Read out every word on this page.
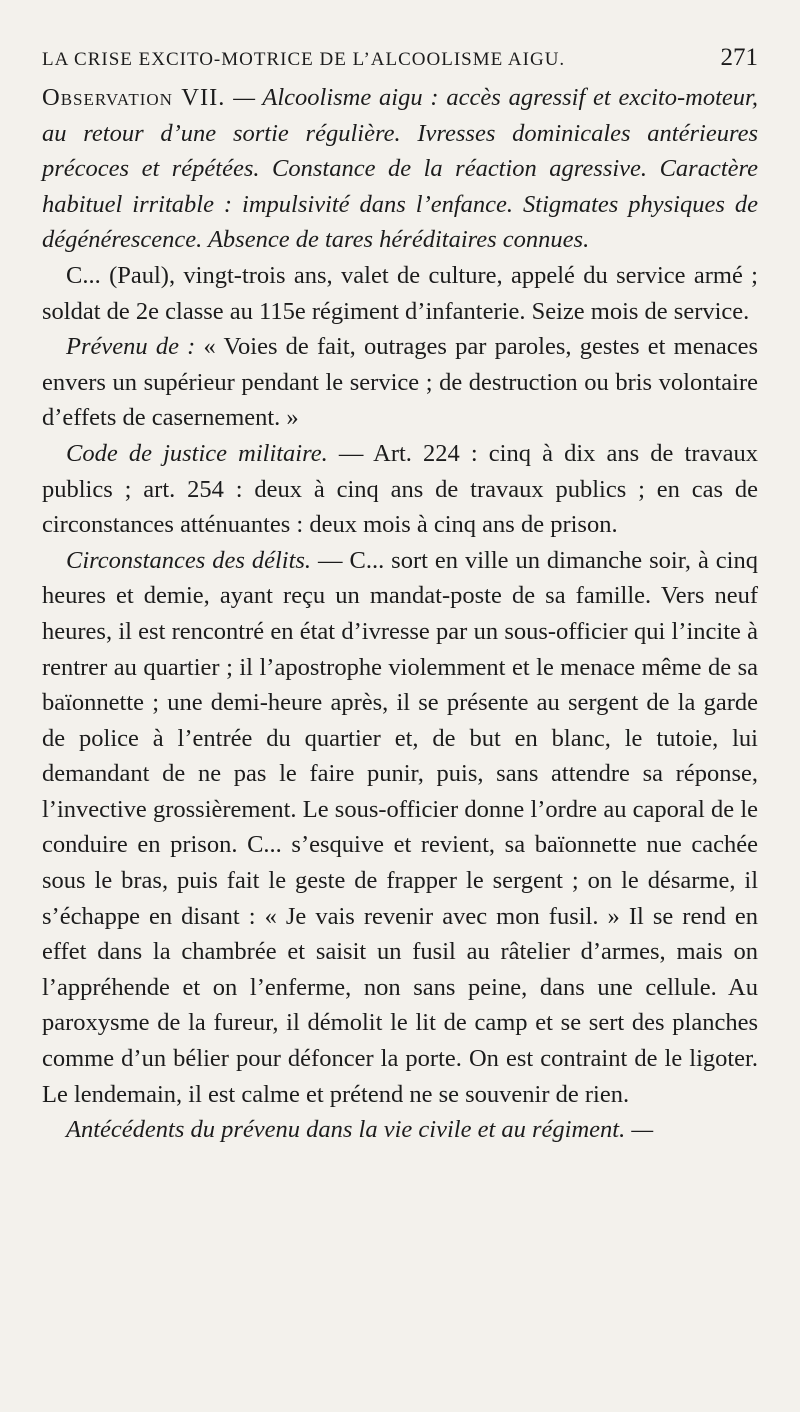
LA CRISE EXCITO-MOTRICE DE L’ALCOOLISME AIGU.	271

Observation VII. — Alcoolisme aigu : accès agressif et excito-moteur, au retour d’une sortie régulière. Ivresses dominicales antérieures précoces et répétées. Constance de la réaction agressive. Caractère habituel irritable : impulsivité dans l’enfance. Stigmates physiques de dégénérescence. Absence de tares héréditaires connues.

C... (Paul), vingt-trois ans, valet de culture, appelé du service armé ; soldat de 2e classe au 115e régiment d’infanterie. Seize mois de service.

Prévenu de : « Voies de fait, outrages par paroles, gestes et menaces envers un supérieur pendant le service ; de destruction ou bris volontaire d’effets de casernement. »

Code de justice militaire. — Art. 224 : cinq à dix ans de travaux publics ; art. 254 : deux à cinq ans de travaux publics ; en cas de circonstances atténuantes : deux mois à cinq ans de prison.

Circonstances des délits. — C... sort en ville un dimanche soir, à cinq heures et demie, ayant reçu un mandat-poste de sa famille. Vers neuf heures, il est rencontré en état d’ivresse par un sous-officier qui l’incite à rentrer au quartier ; il l’apostrophe violemment et le menace même de sa baïonnette ; une demi-heure après, il se présente au sergent de la garde de police à l’entrée du quartier et, de but en blanc, le tutoie, lui demandant de ne pas le faire punir, puis, sans attendre sa réponse, l’invective grossièrement. Le sous-officier donne l’ordre au caporal de le conduire en prison. C... s’esquive et revient, sa baïonnette nue cachée sous le bras, puis fait le geste de frapper le sergent ; on le désarme, il s’échappe en disant : « Je vais revenir avec mon fusil. » Il se rend en effet dans la chambrée et saisit un fusil au râtelier d’armes, mais on l’appréhende et on l’enferme, non sans peine, dans une cellule. Au paroxysme de la fureur, il démolit le lit de camp et se sert des planches comme d’un bélier pour défoncer la porte. On est contraint de le ligoter. Le lendemain, il est calme et prétend ne se souvenir de rien.

Antécédents du prévenu dans la vie civile et au régiment. —
